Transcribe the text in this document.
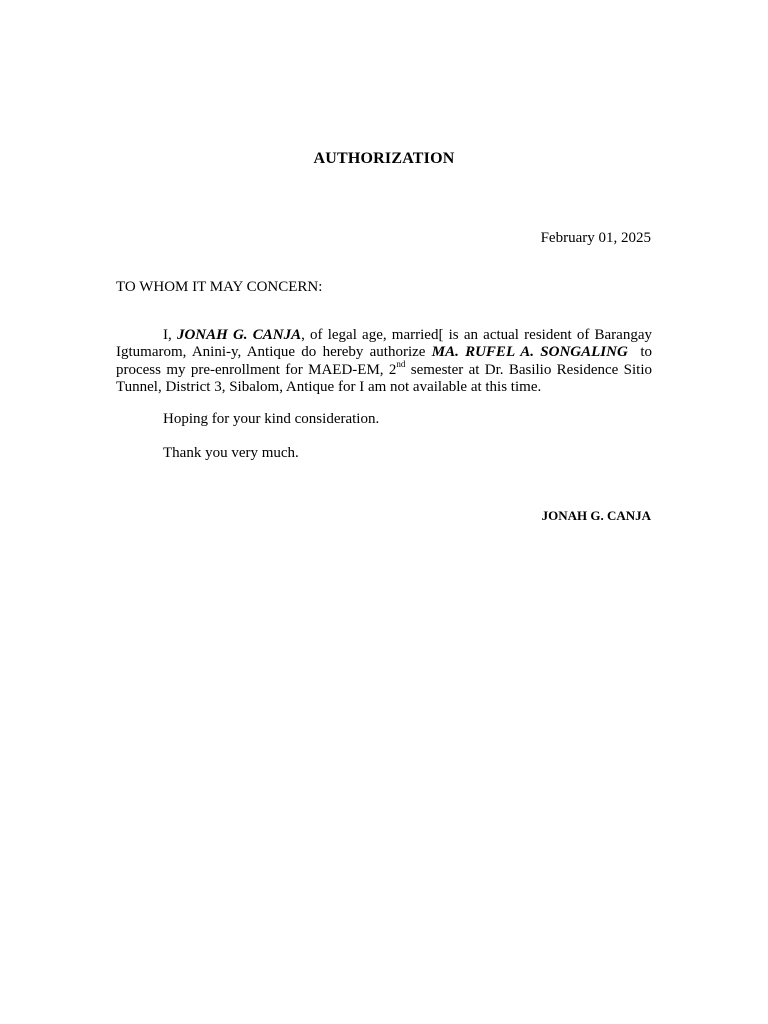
AUTHORIZATION
February 01, 2025
TO WHOM IT MAY CONCERN:

I, JONAH G. CANJA, of legal age, married[ is an actual resident of Barangay Igtumarom, Anini-y, Antique do hereby authorize MA. RUFEL A. SONGALING  to process my pre-enrollment for MAED-EM, 2nd semester at Dr. Basilio Residence Sitio Tunnel, District 3, Sibalom, Antique for I am not available at this time.

Hoping for your kind consideration.
Thank you very much.
JONAH G. CANJA
